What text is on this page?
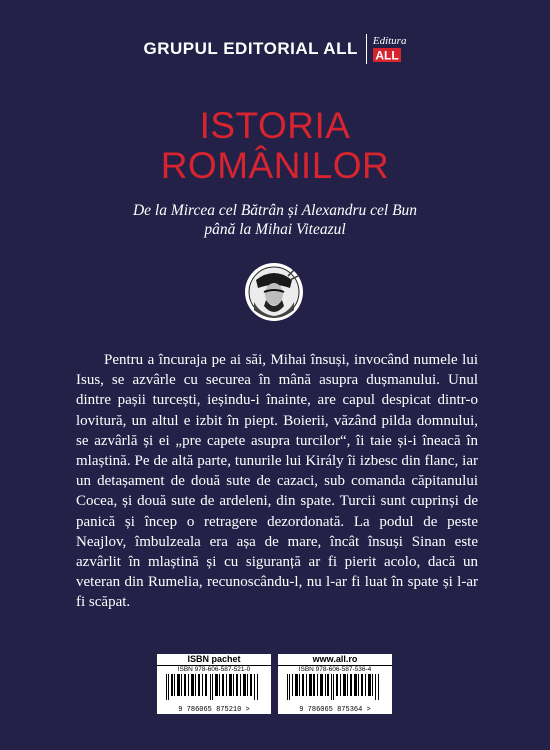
GRUPUL EDITORIAL ALL Editura
ALL
ISTORIA
ROMÂNILOR
De la Mircea cel Bătrân și Alexandru cel Bun
până la Mihai Viteazul
Pentru a încuraja pe ai săi, Mihai însuși, invocând numele lui Isus, se azvârle cu securea în mână asupra dușmanului. Unul dintre pașii turcești, ieșindu-i înainte, are capul despicat dintr-o lovitură, un altul e izbit în piept. Boierii, văzând pilda domnului, se azvârlă și ei „pre capete asupra turcilor“, îi taie și-i îneacă în mlaștină. Pe de altă parte, tunurile lui Király îi izbesc din flanc, iar un detașament de două sute de cazaci, sub comanda căpitanului Cocea, și două sute de ardeleni, din spate. Turcii sunt cuprinși de panică și încep o retragere dezordonată. La podul de peste Neajlov, îmbulzeala era așa de mare, încât însuși Sinan este azvârlit în mlaștină și cu siguranță ar fi pierit acolo, dacă un veteran din Rumelia, recunoscându-l, nu l-ar fi luat în spate și l-ar fi scăpat.
ISBN pachet
ISBN 978-606-587-521-0
9 786065 875210 >
www.all.ro
ISBN 978-606-587-536-4
9 786065 875364 >
